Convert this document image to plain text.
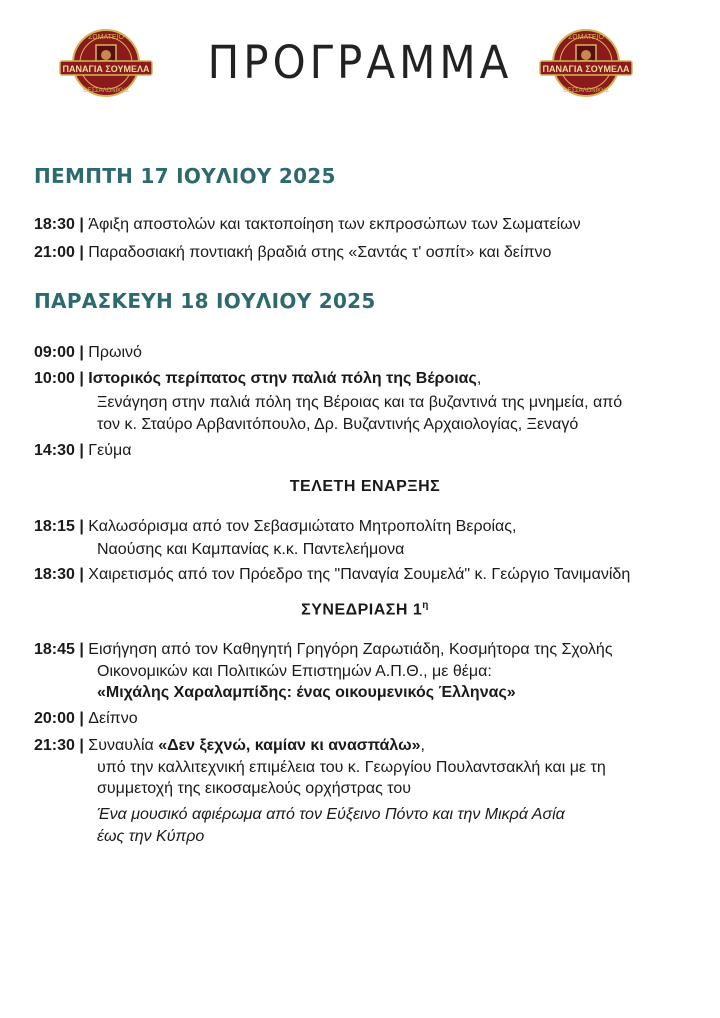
ΣΩΜΑΤΕΙΟ
ΠΑΝΑΓΙΑ ΣΟΥΜΕΛΑ
ΘΕΣΣΑΛΟΝΙΚΗΣ
ΣΩΜΑΤΕΙΟ
ΠΑΝΑΓΙΑ ΣΟΥΜΕΛΑ
ΘΕΣΣΑΛΟΝΙΚΗΣ
ΠΡΟΓΡΑΜΜΑ
ΠΕΜΠΤΗ 17 ΙΟΥΛΙΟΥ 2025
18:30 | Άφιξη αποστολών και τακτοποίηση των εκπροσώπων των Σωματείων
21:00 | Παραδοσιακή ποντιακή βραδιά στης «Σαντάς τ' οσπίτ» και δείπνο
ΠΑΡΑΣΚΕΥΗ 18 ΙΟΥΛΙΟΥ 2025
09:00 | Πρωινό
10:00 | Ιστορικός περίπατος στην παλιά πόλη της Βέροιας,
Ξενάγηση στην παλιά πόλη της Βέροιας και τα βυζαντινά της μνημεία, από
τον κ. Σταύρο Αρβανιτόπουλο, Δρ. Βυζαντινής Αρχαιολογίας, Ξεναγό
14:30 | Γεύμα
ΤΕΛΕΤΗ ΕΝΑΡΞΗΣ
18:15 | Καλωσόρισμα από τον Σεβασμιώτατο Μητροπολίτη Βεροίας,
Ναούσης και Καμπανίας κ.κ. Παντελεήμονα
18:30 | Χαιρετισμός από τον Πρόεδρο της "Παναγία Σουμελά" κ. Γεώργιο Τανιμανίδη
ΣΥΝΕΔΡΙΑΣΗ $1^\eta$
18:45 | Εισήγηση από τον Καθηγητή Γρηγόρη Ζαρωτιάδη, Κοσμήτορα της Σχολής
Οικονομικών και Πολιτικών Επιστημών Α.Π.Θ., με θέμα:
«Μιχάλης Χαραλαμπίδης: ένας οικουμενικός Έλληνας»
20:00 | Δείπνο
21:30 | Συναυλία «Δεν ξεχνώ, καμίαν κι ανασπάλω»,
υπό την καλλιτεχνική επιμέλεια του κ. Γεωργίου Πουλαντσακλή και με τη
συμμετοχή της εικοσαμελούς ορχήστρας του
Ένα μουσικό αφιέρωμα από τον Εύξεινο Πόντο και την Μικρά Ασία
έως την Κύπρο
